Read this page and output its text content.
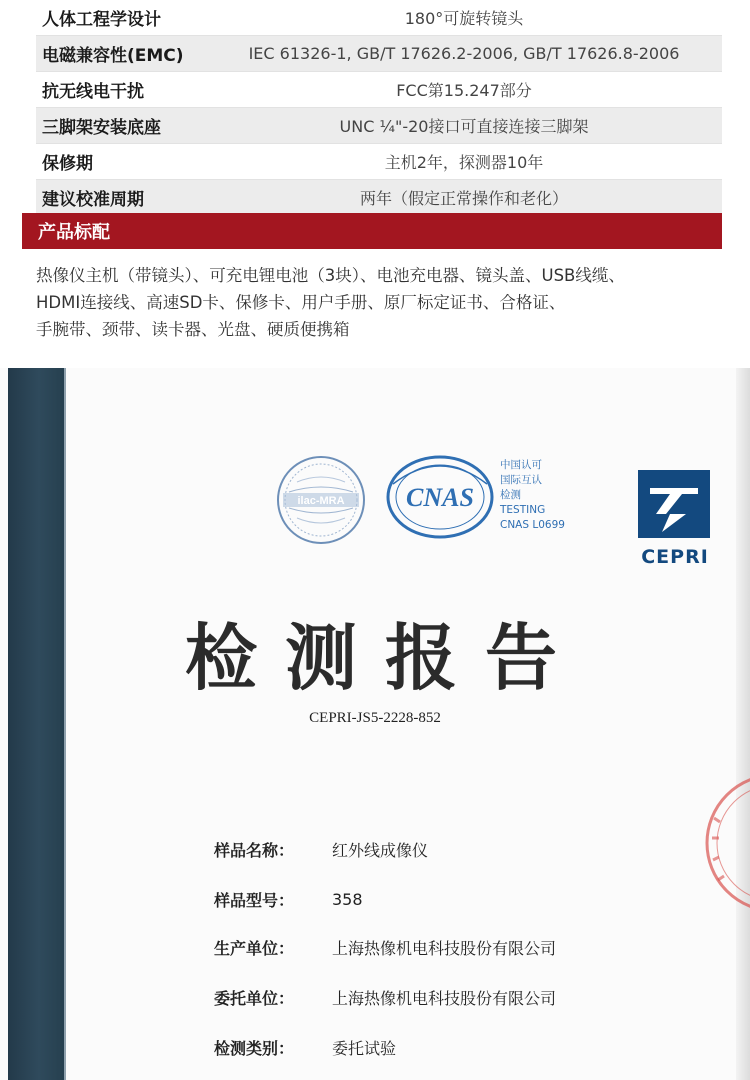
人体工程学设计	180°可旋转镜头
电磁兼容性(EMC)	IEC 61326-1, GB/T 17626.2-2006, GB/T 17626.8-2006
抗无线电干扰	FCC第15.247部分
三脚架安装底座	UNC ¼"-20接口可直接连接三脚架
保修期	主机2年，探测器10年
建议校准周期	两年（假定正常操作和老化）
产品标配
热像仪主机（带镜头）、可充电锂电池（3块）、电池充电器、镜头盖、USB线缆、
HDMI连接线、高速SD卡、保修卡、用户手册、原厂标定证书、合格证、
手腕带、颈带、读卡器、光盘、硬质便携箱
ilac-MRA CNAS
中国认可
国际互认
检测
TESTING
CNAS L0699
CEPRI
检测报告
CEPRI-JS5-2228-852
样品名称：	红外线成像仪
样品型号：	358
生产单位：	上海热像机电科技股份有限公司
委托单位：	上海热像机电科技股份有限公司
检测类别：	委托试验
